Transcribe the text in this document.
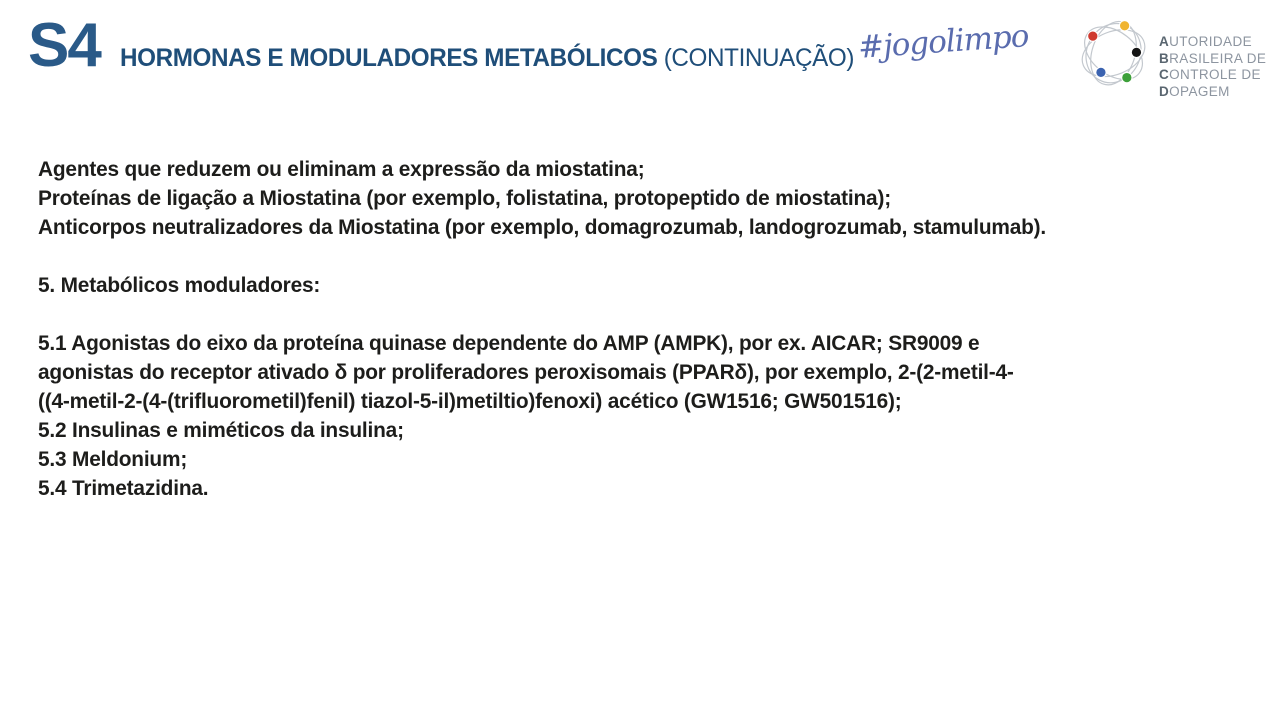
S4 HORMONAS E MODULADORES METABÓLICOS (CONTINUAÇÃO) #jogolimpo	AUTORIDADE
BRASILEIRA DE
CONTROLE DE
DOPAGEM
Agentes que reduzem ou eliminam a expressão da miostatina;
Proteínas de ligação a Miostatina (por exemplo, folistatina, protopeptido de miostatina);
Anticorpos neutralizadores da Miostatina (por exemplo, domagrozumab, landogrozumab, stamulumab).
5. Metabólicos moduladores:
5.1 Agonistas do eixo da proteína quinase dependente do AMP (AMPK), por ex. AICAR; SR9009 e
agonistas do receptor ativado δ por proliferadores peroxisomais (PPARδ), por exemplo, 2-(2-metil-4-
((4-metil-2-(4-(trifluorometil)fenil) tiazol-5-il)metiltio)fenoxi) acético (GW1516; GW501516);
5.2 Insulinas e miméticos da insulina;
5.3 Meldonium;
5.4 Trimetazidina.
